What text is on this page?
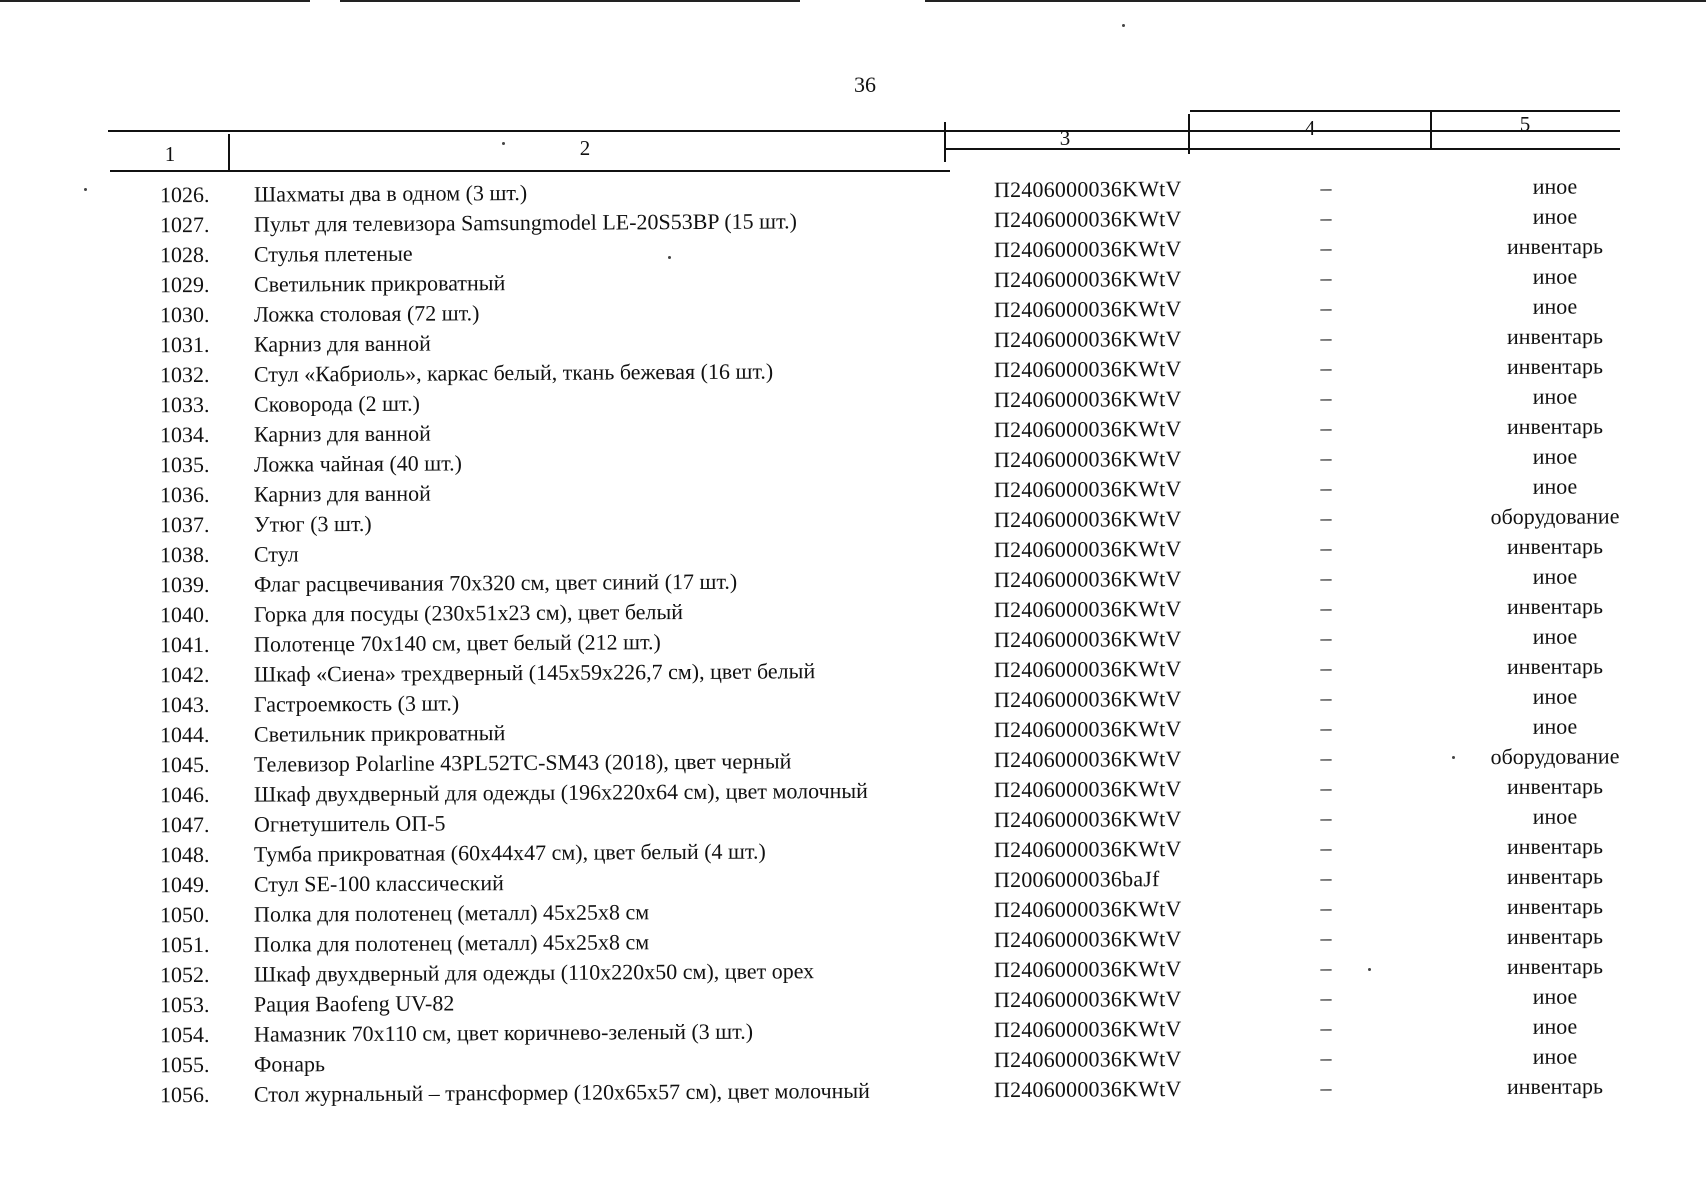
36
1	2	3	4	5
1026.	Шахматы два в одном (3 шт.)	П2406000036KWtV	–	иное
1027.	Пульт для телевизора Samsungmodel LE-20S53BP (15 шт.)	П2406000036KWtV	–	иное
1028.	Стулья плетеные	П2406000036KWtV	–	инвентарь
1029.	Светильник прикроватный	П2406000036KWtV	–	иное
1030.	Ложка столовая (72 шт.)	П2406000036KWtV	–	иное
1031.	Карниз для ванной	П2406000036KWtV	–	инвентарь
1032.	Стул «Кабриоль», каркас белый, ткань бежевая (16 шт.)	П2406000036KWtV	–	инвентарь
1033.	Сковорода (2 шт.)	П2406000036KWtV	–	иное
1034.	Карниз для ванной	П2406000036KWtV	–	инвентарь
1035.	Ложка чайная (40 шт.)	П2406000036KWtV	–	иное
1036.	Карниз для ванной	П2406000036KWtV	–	иное
1037.	Утюг (3 шт.)	П2406000036KWtV	–	оборудование
1038.	Стул	П2406000036KWtV	–	инвентарь
1039.	Флаг расцвечивания 70x320 см, цвет синий (17 шт.)	П2406000036KWtV	–	иное
1040.	Горка для посуды (230x51x23 см), цвет белый	П2406000036KWtV	–	инвентарь
1041.	Полотенце 70x140 см, цвет белый (212 шт.)	П2406000036KWtV	–	иное
1042.	Шкаф «Сиена» трехдверный (145x59x226,7 см), цвет белый	П2406000036KWtV	–	инвентарь
1043.	Гастроемкость (3 шт.)	П2406000036KWtV	–	иное
1044.	Светильник прикроватный	П2406000036KWtV	–	иное
1045.	Телевизор Polarline 43PL52TC-SM43 (2018), цвет черный	П2406000036KWtV	–	оборудование
1046.	Шкаф двухдверный для одежды (196x220x64 см), цвет молочный	П2406000036KWtV	–	инвентарь
1047.	Огнетушитель ОП-5	П2406000036KWtV	–	иное
1048.	Тумба прикроватная (60x44x47 см), цвет белый (4 шт.)	П2406000036KWtV	–	инвентарь
1049.	Стул SE-100 классический	П2006000036baJf	–	инвентарь
1050.	Полка для полотенец (металл) 45x25x8 см	П2406000036KWtV	–	инвентарь
1051.	Полка для полотенец (металл) 45x25x8 см	П2406000036KWtV	–	инвентарь
1052.	Шкаф двухдверный для одежды (110x220x50 см), цвет орех	П2406000036KWtV	–	инвентарь
1053.	Рация Baofeng UV-82	П2406000036KWtV	–	иное
1054.	Намазник 70x110 см, цвет коричнево-зеленый (3 шт.)	П2406000036KWtV	–	иное
1055.	Фонарь	П2406000036KWtV	–	иное
1056.	Стол журнальный – трансформер (120x65x57 см), цвет молочный	П2406000036KWtV	–	инвентарь
